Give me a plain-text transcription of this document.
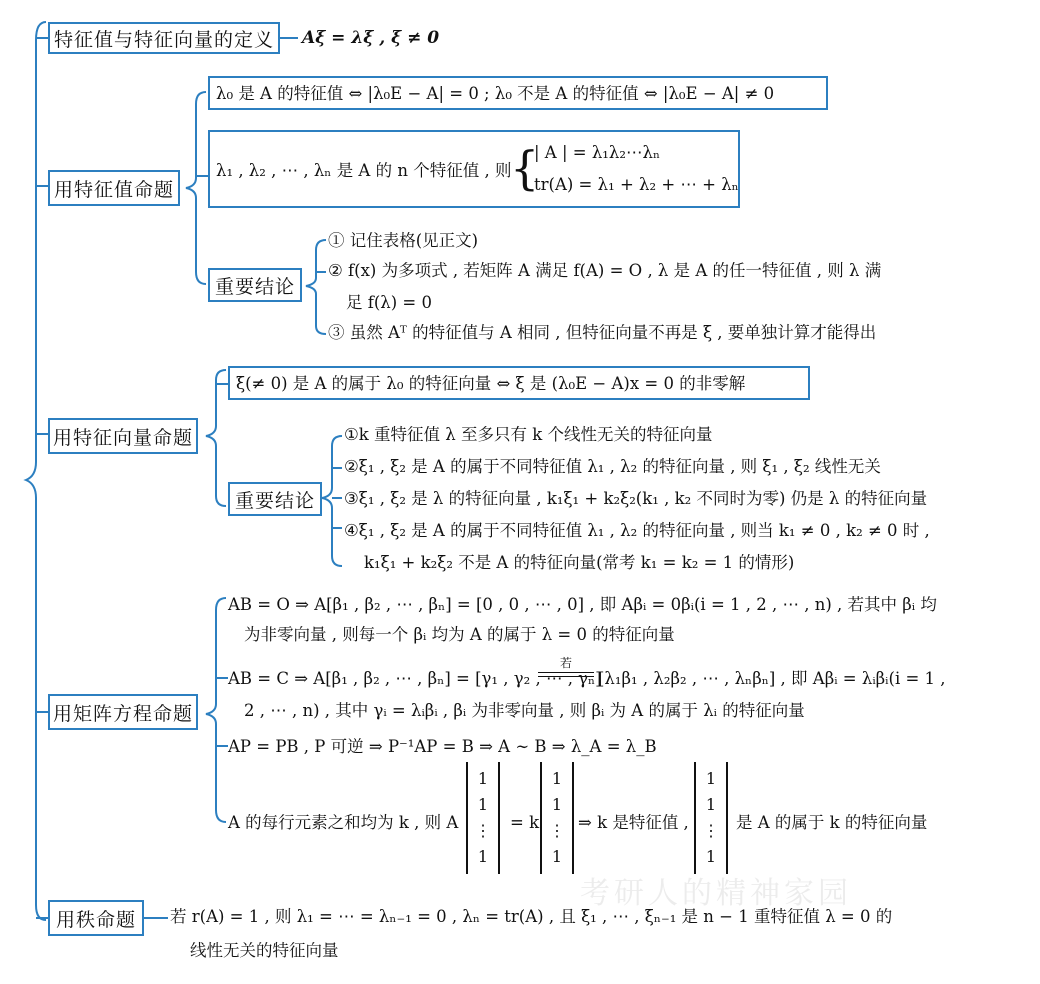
考研人的精神家园
特征值与特征向量的定义 Aξ = λξ , ξ ≠ 0
用特征值命题
λ₀ 是 A 的特征值 ⇔ |λ₀E − A| = 0 ; λ₀ 不是 A 的特征值 ⇔ |λ₀E − A| ≠ 0
λ₁ , λ₂ , ⋯ , λₙ 是 A 的 n 个特征值 , 则
{
| A | = λ₁λ₂⋯λₙ
tr(A) = λ₁ + λ₂ + ⋯ + λₙ
重要结论
① 记住表格(见正文)
② f(x) 为多项式 , 若矩阵 A 满足 f(A) = O , λ 是 A 的任一特征值 , 则 λ 满
足 f(λ) = 0
③ 虽然 Aᵀ 的特征值与 A 相同 , 但特征向量不再是 ξ , 要单独计算才能得出
用特征向量命题
ξ(≠ 0) 是 A 的属于 λ₀ 的特征向量 ⇔ ξ 是 (λ₀E − A)x = 0 的非零解
重要结论
①k 重特征值 λ 至多只有 k 个线性无关的特征向量
②ξ₁ , ξ₂ 是 A 的属于不同特征值 λ₁ , λ₂ 的特征向量 , 则 ξ₁ , ξ₂ 线性无关
③ξ₁ , ξ₂ 是 λ 的特征向量 , k₁ξ₁ + k₂ξ₂(k₁ , k₂ 不同时为零) 仍是 λ 的特征向量
④ξ₁ , ξ₂ 是 A 的属于不同特征值 λ₁ , λ₂ 的特征向量 , 则当 k₁ ≠ 0 , k₂ ≠ 0 时 ,
k₁ξ₁ + k₂ξ₂ 不是 A 的特征向量(常考 k₁ = k₂ = 1 的情形)
用矩阵方程命题
AB = O ⇒ A[β₁ , β₂ , ⋯ , βₙ] = [0 , 0 , ⋯ , 0] , 即 Aβᵢ = 0βᵢ(i = 1 , 2 , ⋯ , n) , 若其中 βᵢ 均
为非零向量 , 则每一个 βᵢ 均为 A 的属于 λ = 0 的特征向量
AB = C ⇒ A[β₁ , β₂ , ⋯ , βₙ] = [γ₁ , γ₂ , ⋯ , γₙ]
若
[λ₁β₁ , λ₂β₂ , ⋯ , λₙβₙ] , 即 Aβᵢ = λᵢβᵢ(i = 1 ,
2 , ⋯ , n) , 其中 γᵢ = λᵢβᵢ , βᵢ 为非零向量 , 则 βᵢ 为 A 的属于 λᵢ 的特征向量
AP = PB , P 可逆 ⇒ P⁻¹AP = B ⇒ A ∼ B ⇒ λ_A = λ_B
A 的每行元素之和均为 k , 则 A
1
1
⋮
1
= k
1
1
⋮
1
⇒ k 是特征值 ,
1
1
⋮
1
是 A 的属于 k 的特征向量
用秩命题 若 r(A) = 1 , 则 λ₁ = ⋯ = λₙ₋₁ = 0 , λₙ = tr(A) , 且 ξ₁ , ⋯ , ξₙ₋₁ 是 n − 1 重特征值 λ = 0 的
线性无关的特征向量
